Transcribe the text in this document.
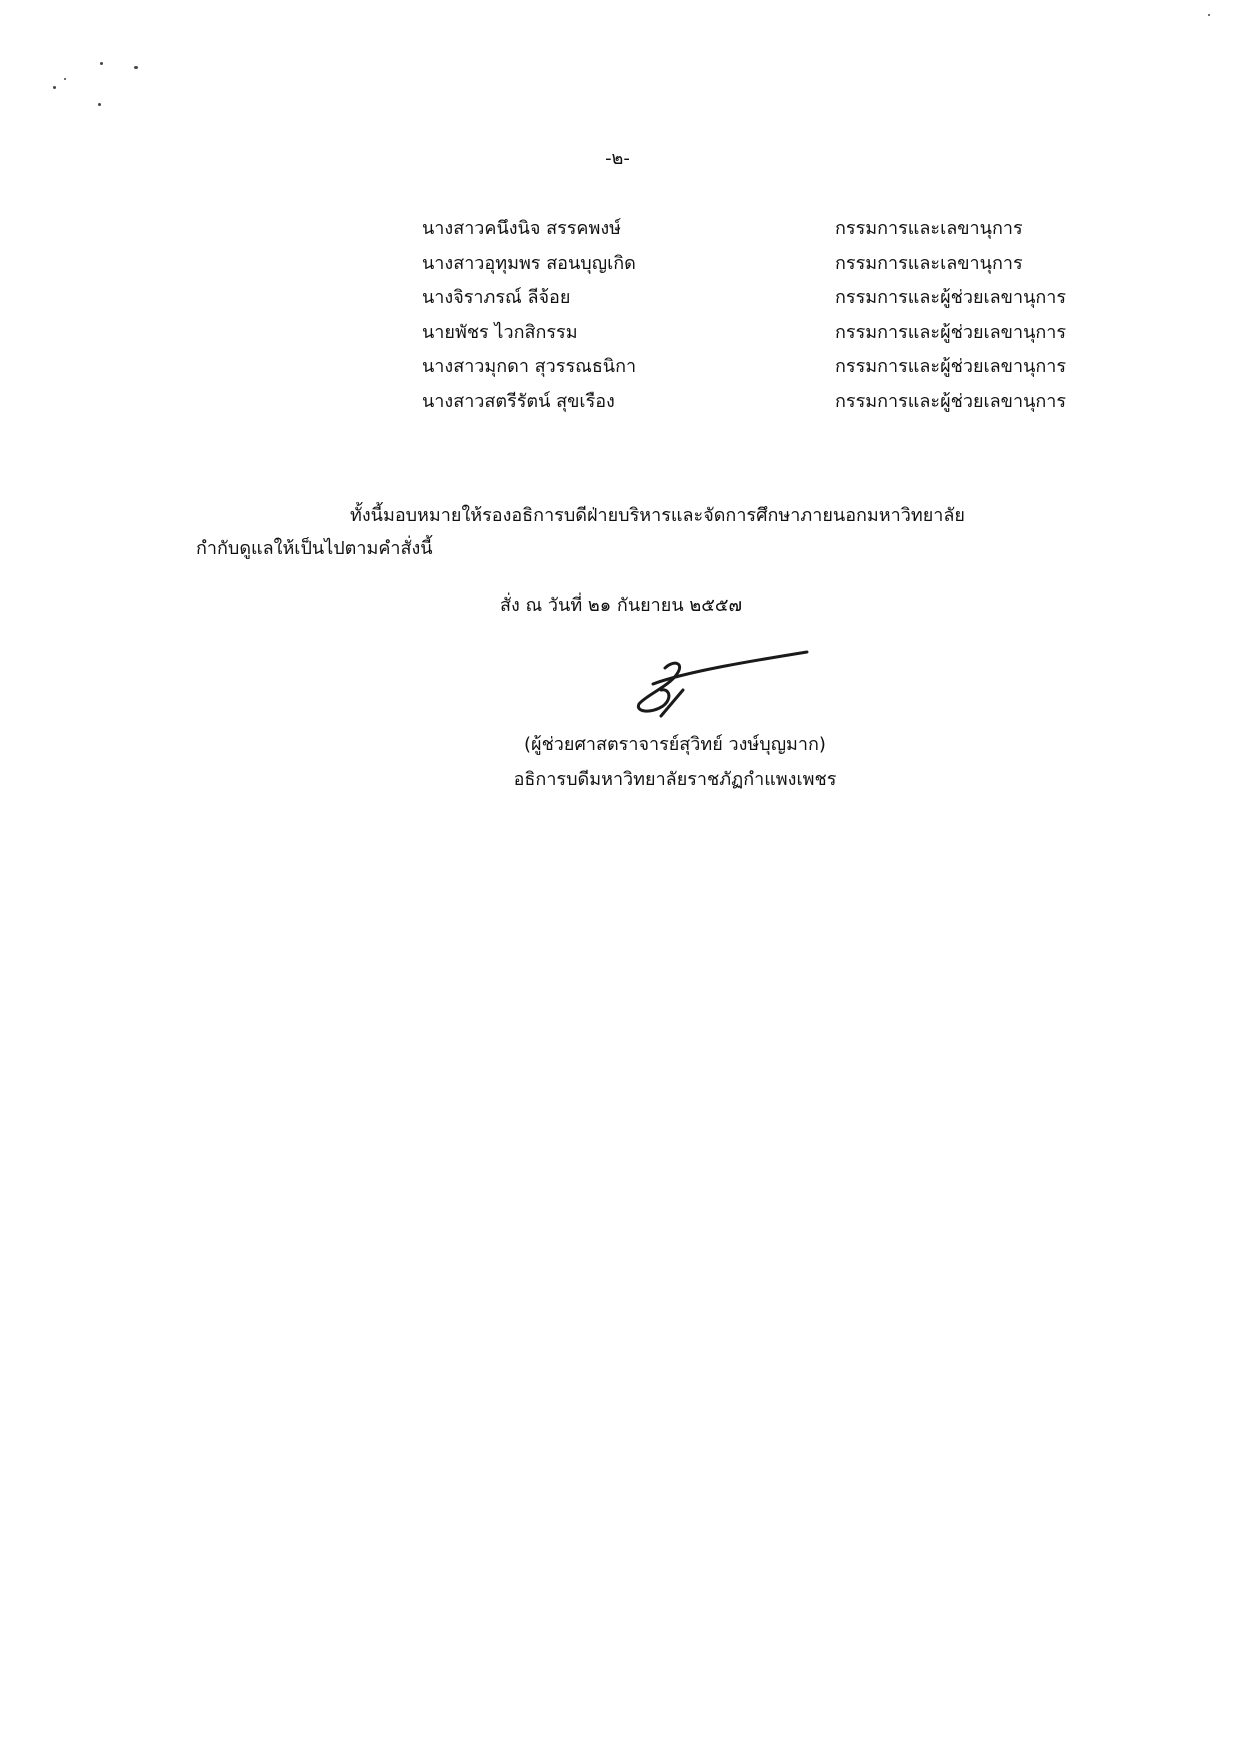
-๒-
นางสาวคนึงนิจ สรรคพงษ์	กรรมการและเลขานุการ
นางสาวอุทุมพร สอนบุญเกิด	กรรมการและเลขานุการ
นางจิราภรณ์ ลีจ้อย	กรรมการและผู้ช่วยเลขานุการ
นายพัชร ไวกสิกรรม	กรรมการและผู้ช่วยเลขานุการ
นางสาวมุกดา สุวรรณธนิกา	กรรมการและผู้ช่วยเลขานุการ
นางสาวสตรีรัตน์ สุขเรือง	กรรมการและผู้ช่วยเลขานุการ
ทั้งนี้มอบหมายให้รองอธิการบดีฝ่ายบริหารและจัดการศึกษาภายนอกมหาวิทยาลัย
กำกับดูแลให้เป็นไปตามคำสั่งนี้
สั่ง ณ วันที่ ๒๑ กันยายน ๒๕๕๗
(ผู้ช่วยศาสตราจารย์สุวิทย์ วงษ์บุญมาก)
อธิการบดีมหาวิทยาลัยราชภัฏกำแพงเพชร
